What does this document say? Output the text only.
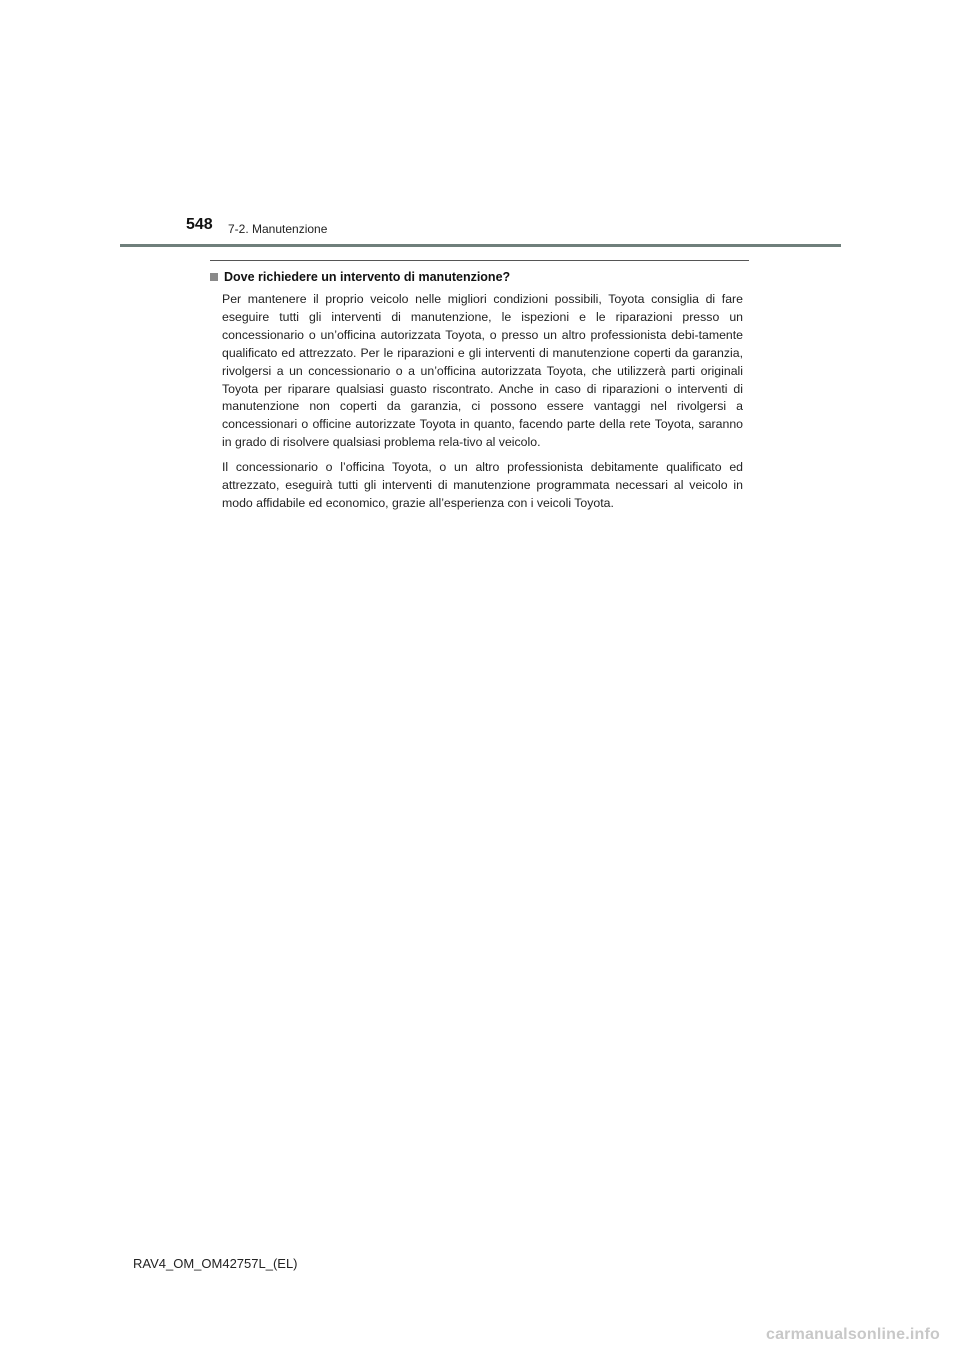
548 7-2. Manutenzione
Dove richiedere un intervento di manutenzione?

Per mantenere il proprio veicolo nelle migliori condizioni possibili, Toyota consiglia di fare eseguire tutti gli interventi di manutenzione, le ispezioni e le riparazioni presso un concessionario o un’officina autorizzata Toyota, o presso un altro professionista debi-tamente qualificato ed attrezzato. Per le riparazioni e gli interventi di manutenzione coperti da garanzia, rivolgersi a un concessionario o a un’officina autorizzata Toyota, che utilizzerà parti originali Toyota per riparare qualsiasi guasto riscontrato. Anche in caso di riparazioni o interventi di manutenzione non coperti da garanzia, ci possono essere vantaggi nel rivolgersi a concessionari o officine autorizzate Toyota in quanto, facendo parte della rete Toyota, saranno in grado di risolvere qualsiasi problema rela-tivo al veicolo.

Il concessionario o l’officina Toyota, o un altro professionista debitamente qualificato ed attrezzato, eseguirà tutti gli interventi di manutenzione programmata necessari al veicolo in modo affidabile ed economico, grazie all’esperienza con i veicoli Toyota.

RAV4_OM_OM42757L_(EL)
carmanualsonline.info
